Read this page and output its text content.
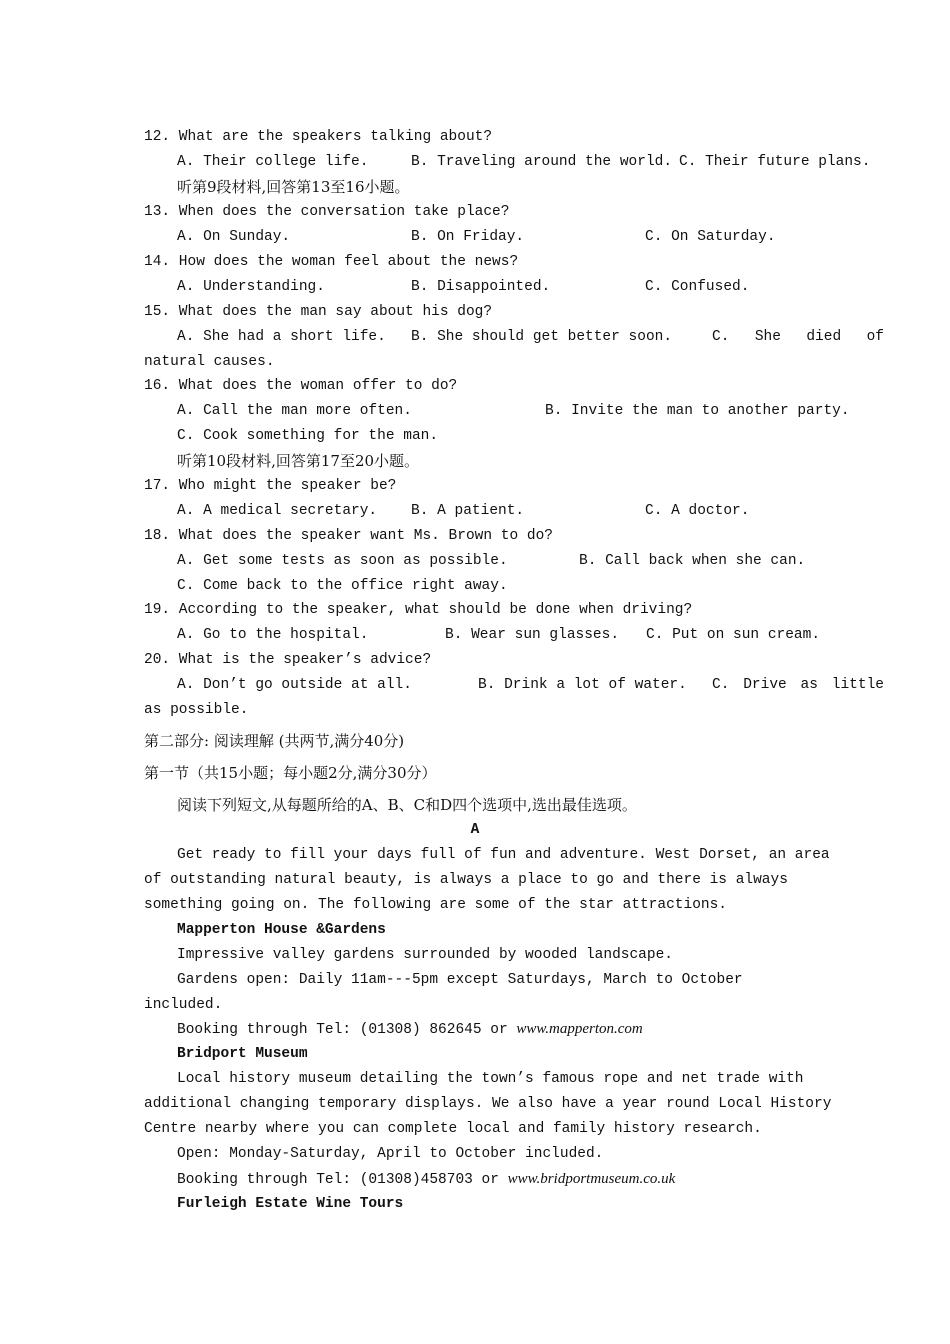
12. What are the speakers talking about?
A. Their college life.	B. Traveling around the world. C. Their future plans.
听第9段材料,回答第13至16小题。
13. When does the conversation take place?
A. On Sunday.	B. On Friday.	C. On Saturday.
14. How does the woman feel about the news?
A. Understanding.	B. Disappointed.	C. Confused.
15. What does the man say about his dog?
A. She had a short life.	B. She should get better soon.	C. She died of
natural causes.
16. What does the woman offer to do?
A. Call the man more often.	B. Invite the man to another party.
C. Cook something for the man.
听第10段材料,回答第17至20小题。
17. Who might the speaker be?
A. A medical secretary.	B. A patient.	C. A doctor.
18. What does the speaker want Ms. Brown to do?
A. Get some tests as soon as possible.	B. Call back when she can.
C. Come back to the office right away.
19. According to the speaker, what should be done when driving?
A. Go to the hospital.	B. Wear sun glasses.	C. Put on sun cream.
20. What is the speaker’s advice?
A. Don’t go outside at all.	B. Drink a lot of water.	C. Drive as little
as possible.
第二部分: 阅读理解 (共两节,满分40分)
第一节（共15小题；每小题2分,满分30分）
阅读下列短文,从每题所给的A、B、C和D四个选项中,选出最佳选项。
A
Get ready to fill your days full of fun and adventure. West Dorset, an area
of outstanding natural beauty, is always a place to go and there is always
something going on. The following are some of the star attractions.
Mapperton House &Gardens
Impressive valley gardens surrounded by wooded landscape.
Gardens open: Daily 11am---5pm except Saturdays, March to October
included.
Booking through Tel: (01308) 862645 or www.mapperton.com
Bridport Museum
Local history museum detailing the town’s famous rope and net trade with
additional changing temporary displays. We also have a year round Local History
Centre nearby where you can complete local and family history research.
Open: Monday-Saturday, April to October included.
Booking through Tel: (01308)458703 or www.bridportmuseum.co.uk
Furleigh Estate Wine Tours
